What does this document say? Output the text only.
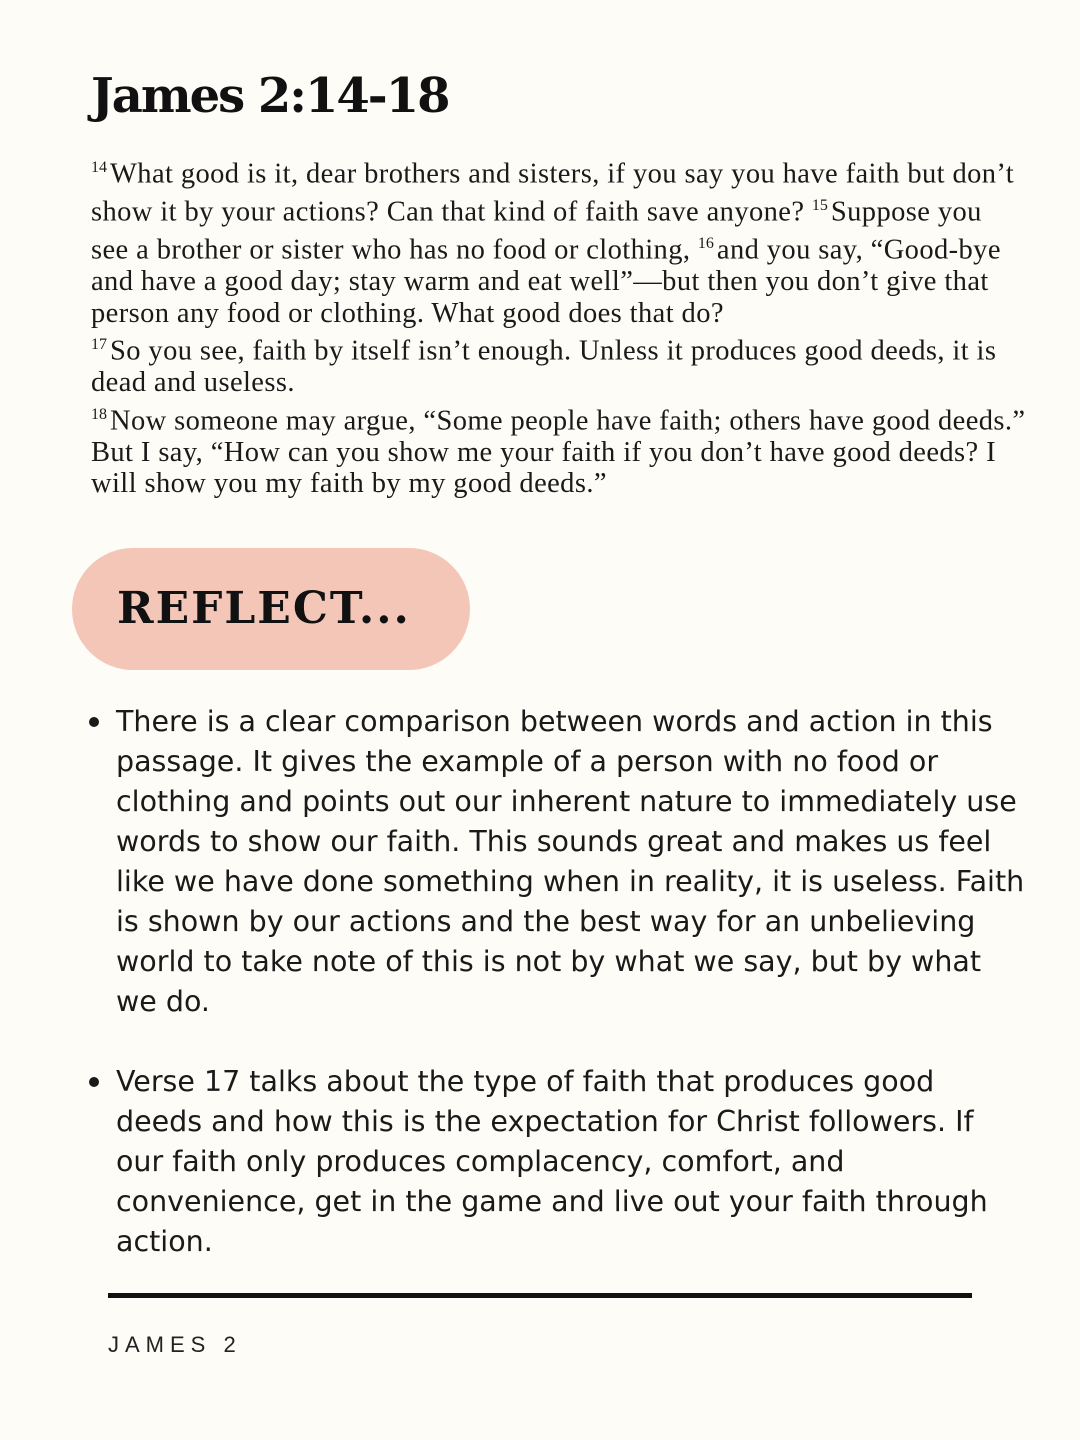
James 2:14-18

$^{14}$ What good is it, dear brothers and sisters, if you say you have faith but don’t show it by your actions? Can that kind of faith save anyone? $^{15}$ Suppose you see a brother or sister who has no food or clothing, $^{16}$ and you say, “Good-bye and have a good day; stay warm and eat well”—but then you don’t give that person any food or clothing. What good does that do?

$^{17}$ So you see, faith by itself isn’t enough. Unless it produces good deeds, it is dead and useless.

$^{18}$ Now someone may argue, “Some people have faith; others have good deeds.” But I say, “How can you show me your faith if you don’t have good deeds? I will show you my faith by my good deeds.”

REFLECT...
There is a clear comparison between words and action in this passage. It gives the example of a person with no food or clothing and points out our inherent nature to immediately use words to show our faith. This sounds great and makes us feel like we have done something when in reality, it is useless. Faith is shown by our actions and the best way for an unbelieving world to take note of this is not by what we say, but by what we do.
Verse 17 talks about the type of faith that produces good deeds and how this is the expectation for Christ followers. If our faith only produces complacency, comfort, and convenience, get in the game and live out your faith through action.
JAMES 2
